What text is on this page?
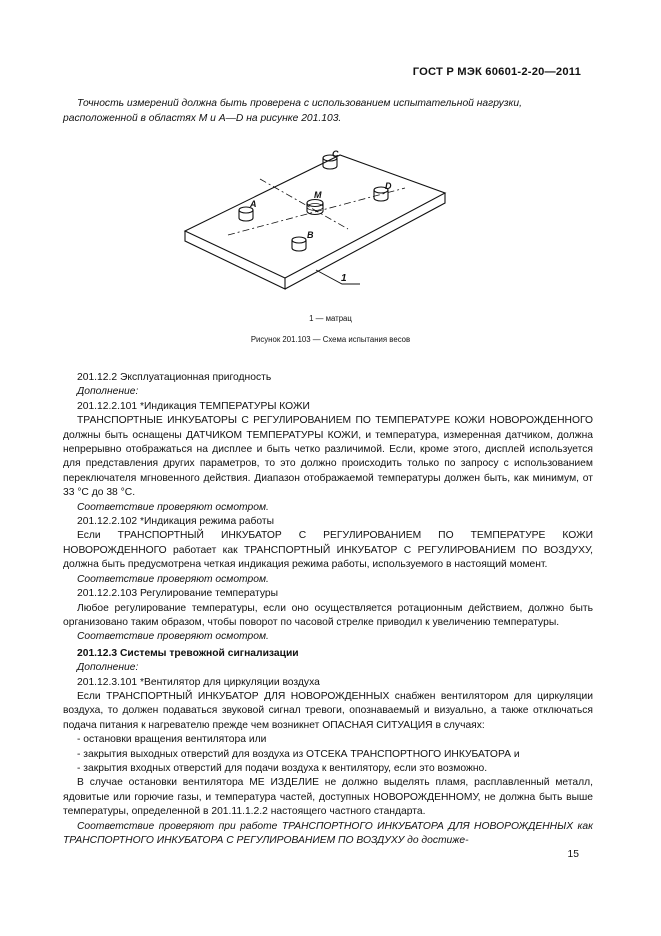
ГОСТ Р МЭК 60601-2-20—2011

Точность измерений должна быть проверена с использованием испытательной нагрузки, расположенной в областях M и A—D на рисунке 201.103.

C
D
M
A
B
1
1 — матрац
Рисунок 201.103 — Схема испытания весов

201.12.2 Эксплуатационная пригодность

Дополнение:

201.12.2.101 *Индикация ТЕМПЕРАТУРЫ КОЖИ

ТРАНСПОРТНЫЕ ИНКУБАТОРЫ С РЕГУЛИРОВАНИЕМ ПО ТЕМПЕРАТУРЕ КОЖИ НОВОРОЖДЕННОГО должны быть оснащены ДАТЧИКОМ ТЕМПЕРАТУРЫ КОЖИ, и температура, измеренная датчиком, должна непрерывно отображаться на дисплее и быть четко различимой. Если, кроме этого, дисплей используется для представления других параметров, то это должно происходить только по запросу с использованием переключателя мгновенного действия. Диапазон отображаемой температуры должен быть, как минимум, от 33 °С до 38 °С.

Соответствие проверяют осмотром.

201.12.2.102 *Индикация режима работы

Если ТРАНСПОРТНЫЙ ИНКУБАТОР С РЕГУЛИРОВАНИЕМ ПО ТЕМПЕРАТУРЕ КОЖИ НОВОРОЖДЕННОГО работает как ТРАНСПОРТНЫЙ ИНКУБАТОР С РЕГУЛИРОВАНИЕМ ПО ВОЗДУХУ, должна быть предусмотрена четкая индикация режима работы, используемого в настоящий момент.

Соответствие проверяют осмотром.

201.12.2.103 Регулирование температуры

Любое регулирование температуры, если оно осуществляется ротационным действием, должно быть организовано таким образом, чтобы поворот по часовой стрелке приводил к увеличению температуры.

Соответствие проверяют осмотром.

201.12.3 Системы тревожной сигнализации

Дополнение:

201.12.3.101 *Вентилятор для циркуляции воздуха

Если ТРАНСПОРТНЫЙ ИНКУБАТОР ДЛЯ НОВОРОЖДЕННЫХ снабжен вентилятором для циркуляции воздуха, то должен подаваться звуковой сигнал тревоги, опознаваемый и визуально, а также отключаться подача питания к нагревателю прежде чем возникнет ОПАСНАЯ СИТУАЦИЯ в случаях:

- остановки вращения вентилятора или

- закрытия выходных отверстий для воздуха из ОТСЕКА ТРАНСПОРТНОГО ИНКУБАТОРА и

- закрытия входных отверстий для подачи воздуха к вентилятору, если это возможно.

В случае остановки вентилятора МЕ ИЗДЕЛИЕ не должно выделять пламя, расплавленный металл, ядовитые или горючие газы, и температура частей, доступных НОВОРОЖДЕННОМУ, не должна быть выше температуры, определенной в 201.11.1.2.2 настоящего частного стандарта.

Соответствие проверяют при работе ТРАНСПОРТНОГО ИНКУБАТОРА ДЛЯ НОВОРОЖДЕННЫХ как ТРАНСПОРТНОГО ИНКУБАТОРА С РЕГУЛИРОВАНИЕМ ПО ВОЗДУХУ до достиже-

15
